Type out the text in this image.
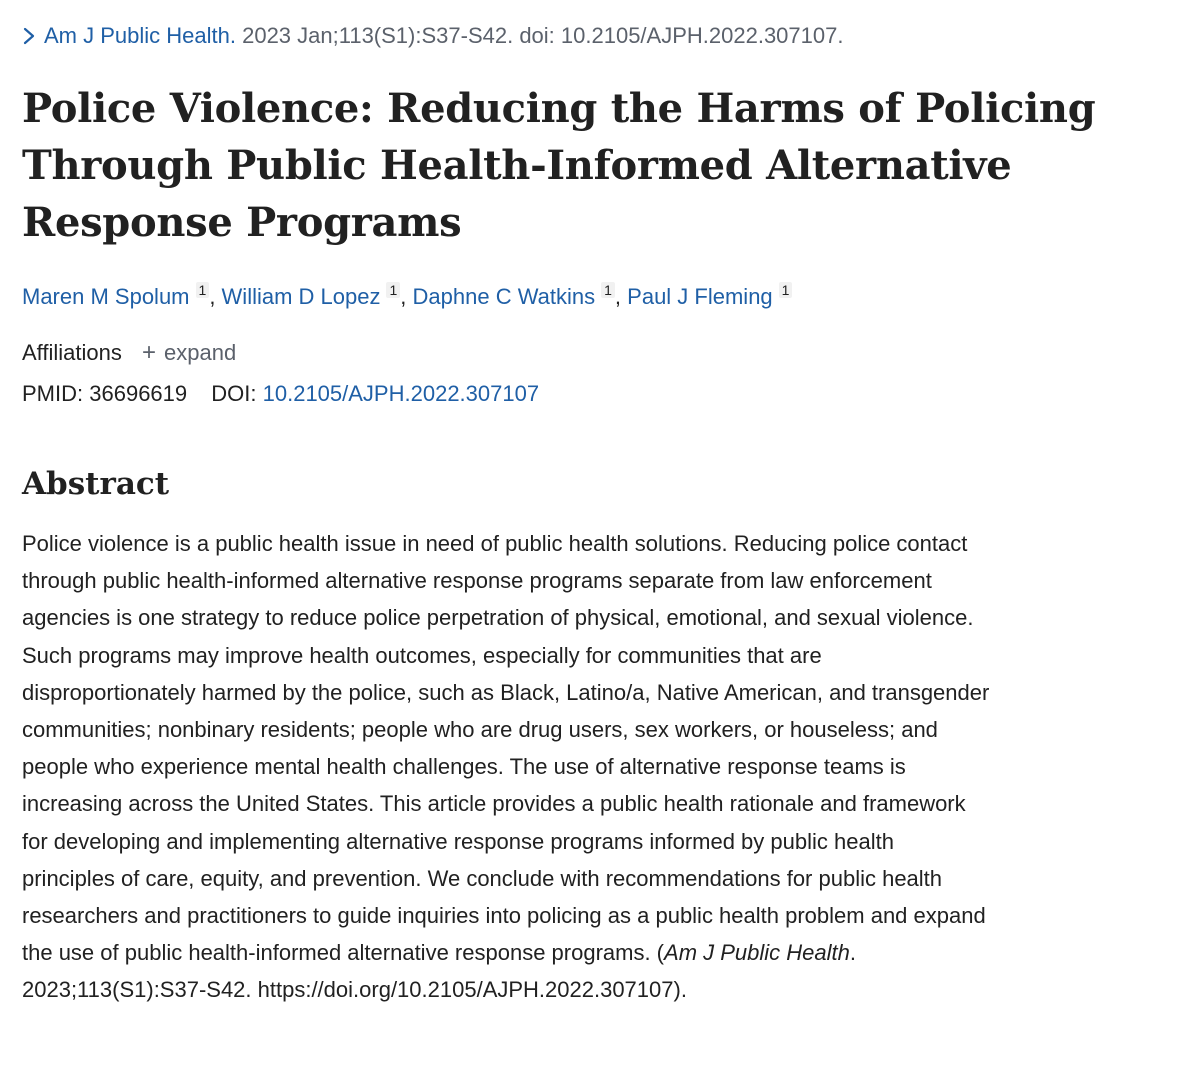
Am J Public Health. 2023 Jan;113(S1):S37-S42. doi: 10.2105/AJPH.2022.307107.
Police Violence: Reducing the Harms of Policing Through Public Health-Informed Alternative Response Programs
Maren M Spolum $^1$ , William D Lopez $^1$ , Daphne C Watkins $^1$ , Paul J Fleming $^1$
Affiliations + expand
PMID: 36696619 DOI: 10.2105/AJPH.2022.307107
Abstract

Police violence is a public health issue in need of public health solutions. Reducing police contact
through public health-informed alternative response programs separate from law enforcement
agencies is one strategy to reduce police perpetration of physical, emotional, and sexual violence.
Such programs may improve health outcomes, especially for communities that are
disproportionately harmed by the police, such as Black, Latino/a, Native American, and transgender
communities; nonbinary residents; people who are drug users, sex workers, or houseless; and
people who experience mental health challenges. The use of alternative response teams is
increasing across the United States. This article provides a public health rationale and framework
for developing and implementing alternative response programs informed by public health
principles of care, equity, and prevention. We conclude with recommendations for public health
researchers and practitioners to guide inquiries into policing as a public health problem and expand
the use of public health-informed alternative response programs. (Am J Public Health.
2023;113(S1):S37-S42. https://doi.org/10.2105/AJPH.2022.307107).
